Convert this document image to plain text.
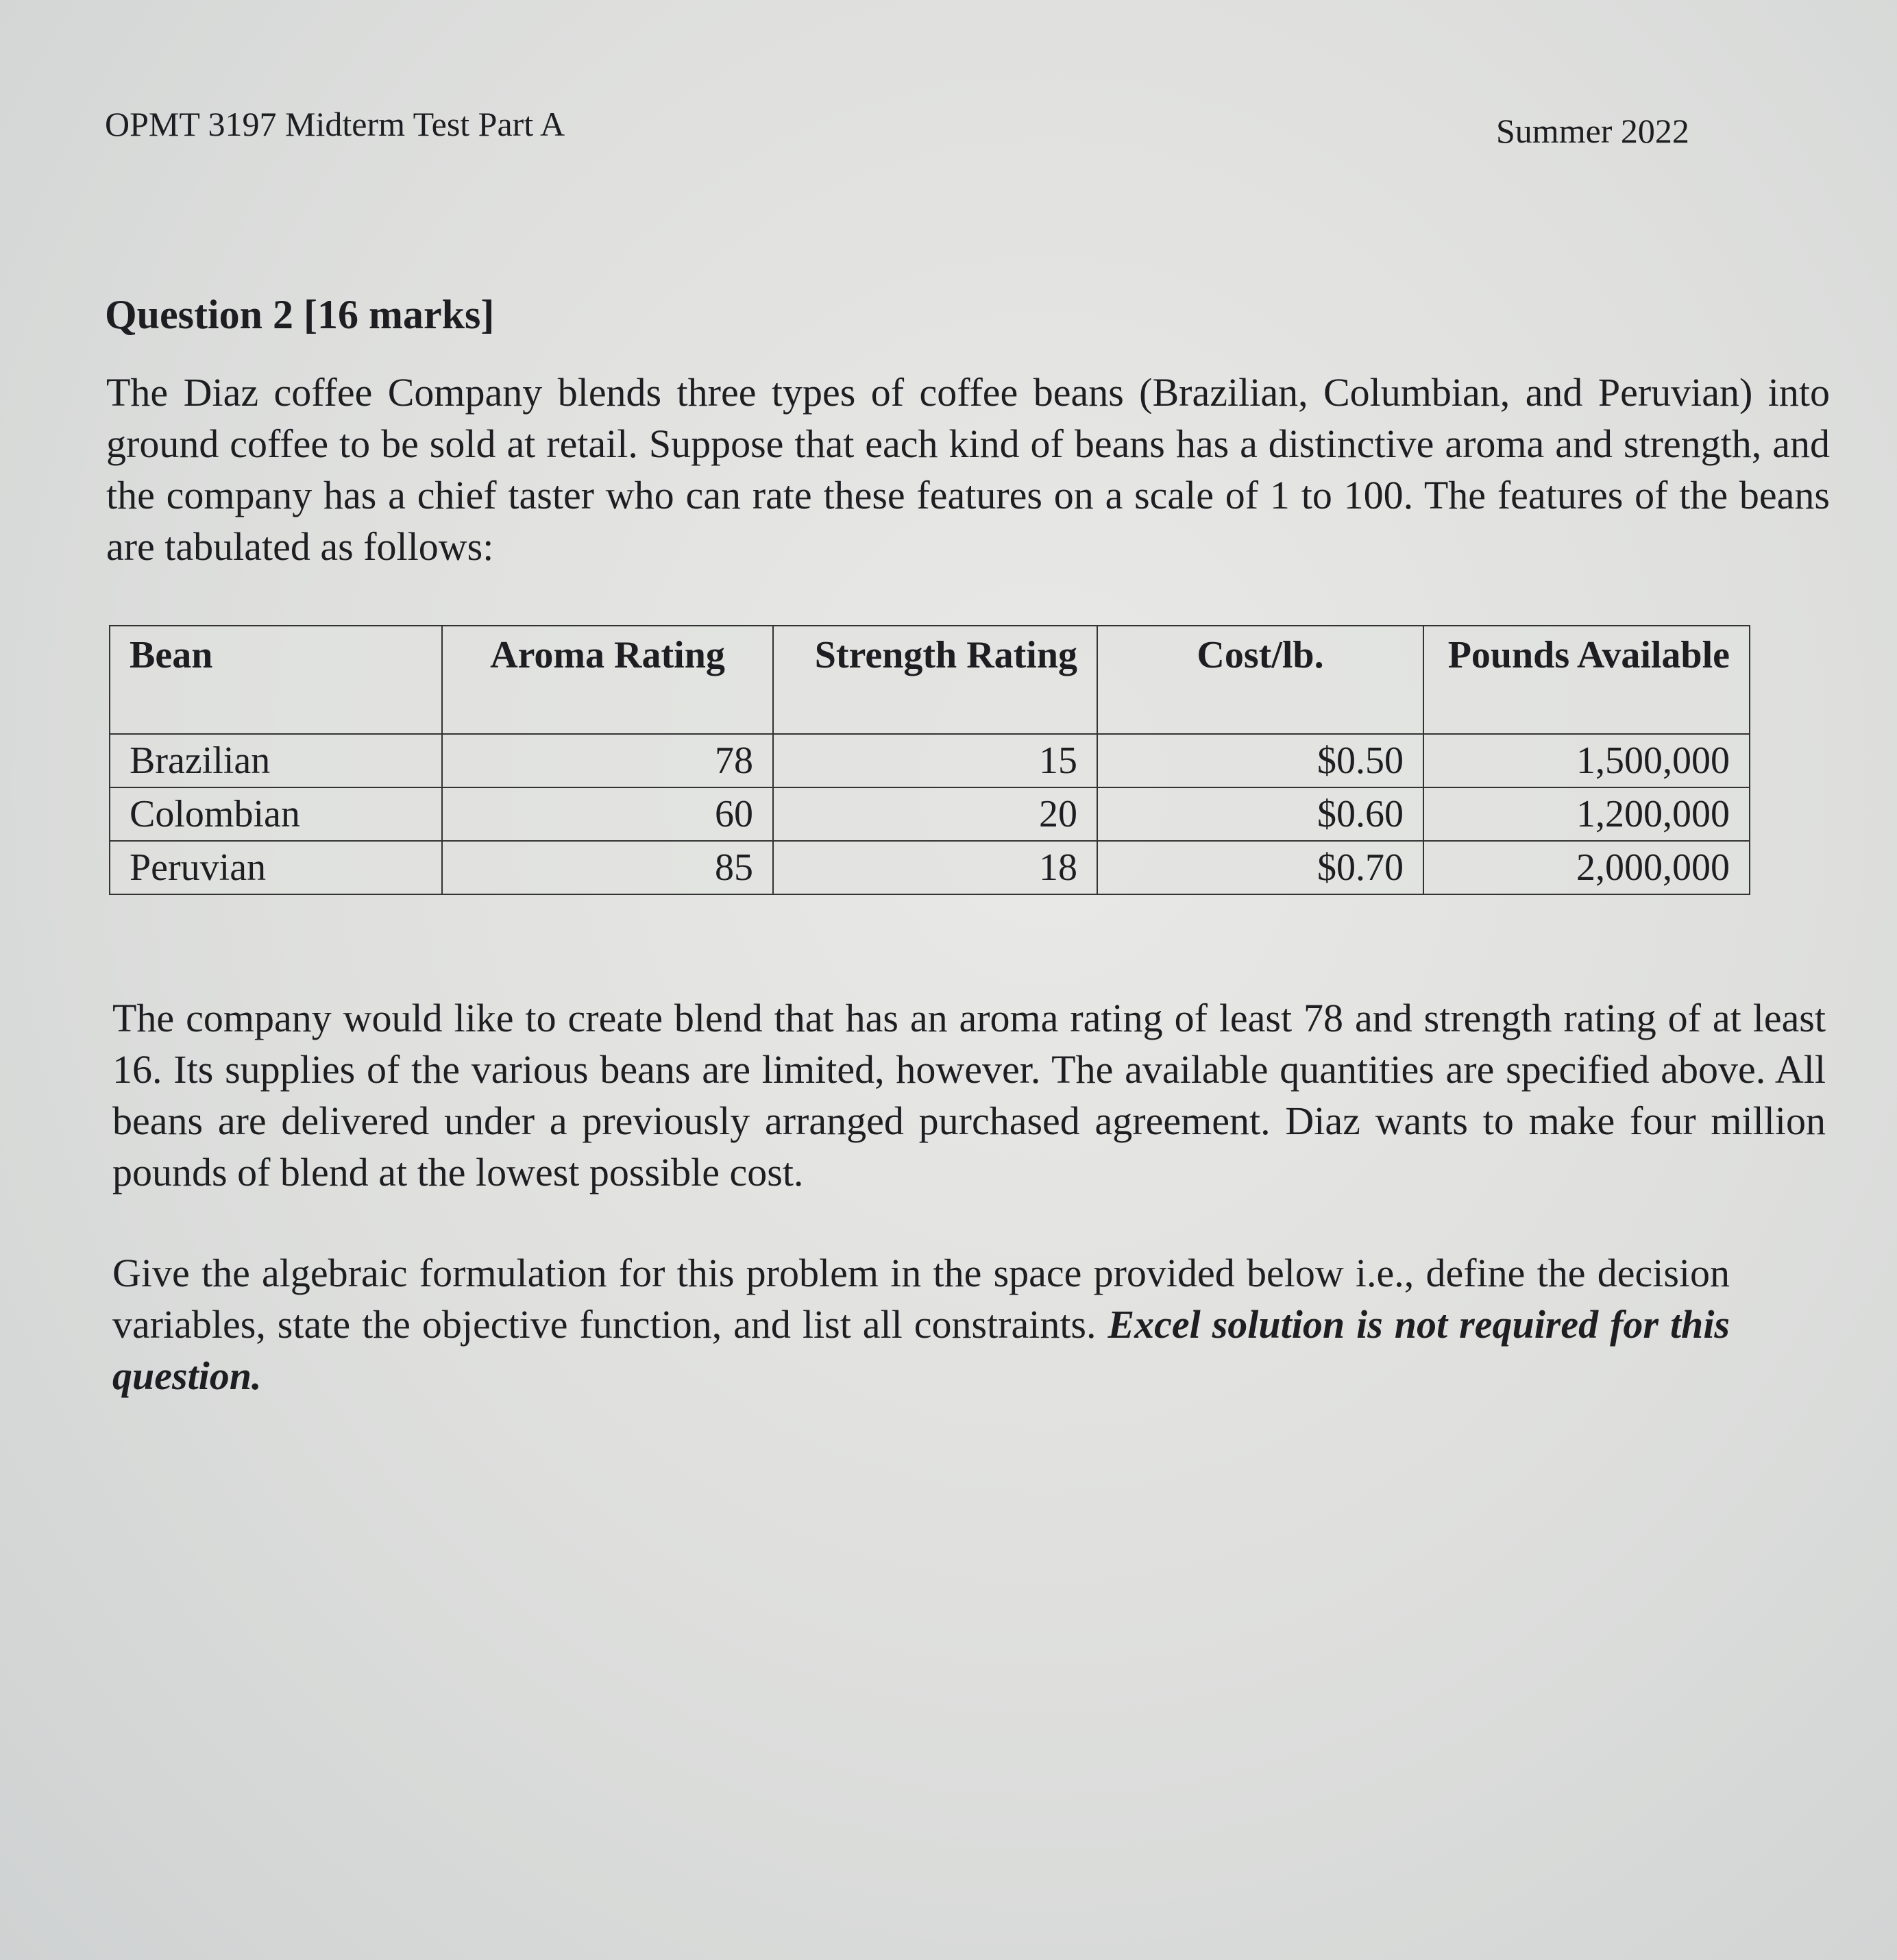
OPMT 3197 Midterm Test Part A	Summer 2022
Question 2 [16 marks]
The Diaz coffee Company blends three types of coffee beans (Brazilian, Columbian, and Peruvian) into ground coffee to be sold at retail. Suppose that each kind of beans has a distinctive aroma and strength, and the company has a chief taster who can rate these features on a scale of 1 to 100. The features of the beans are tabulated as follows:
Bean	Aroma Rating	Strength Rating	Cost/lb.	Pounds Available
Brazilian	78	15	$0.50	1,500,000
Colombian	60	20	$0.60	1,200,000
Peruvian	85	18	$0.70	2,000,000
The company would like to create blend that has an aroma rating of least 78 and strength rating of at least 16. Its supplies of the various beans are limited, however. The available quantities are specified above. All beans are delivered under a previously arranged purchased agreement. Diaz wants to make four million pounds of blend at the lowest possible cost.
Give the algebraic formulation for this problem in the space provided below i.e., define the decision variables, state the objective function, and list all constraints. Excel solution is not required for this question.
